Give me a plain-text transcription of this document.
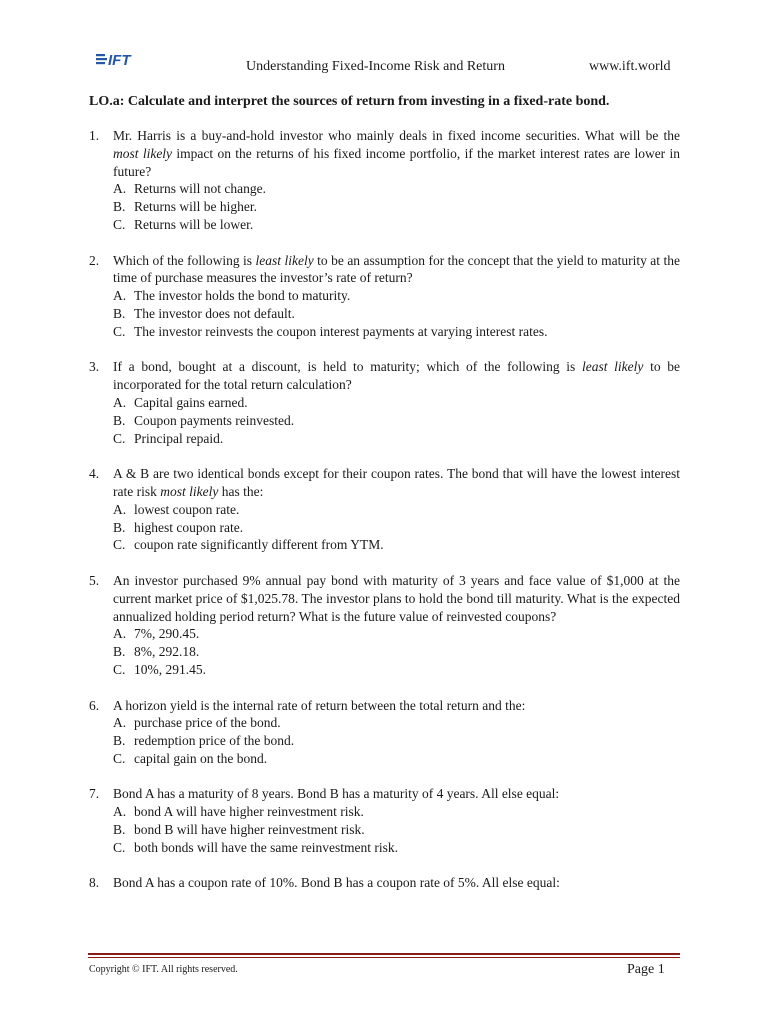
IFT	Understanding Fixed-Income Risk and Return	www.ift.world
LO.a: Calculate and interpret the sources of return from investing in a fixed-rate bond.
1. Mr. Harris is a buy-and-hold investor who mainly deals in fixed income securities. What will be the most likely impact on the returns of his fixed income portfolio, if the market interest rates are lower in future?
A. Returns will not change.
B. Returns will be higher.
C. Returns will be lower.
2. Which of the following is least likely to be an assumption for the concept that the yield to maturity at the time of purchase measures the investor’s rate of return?
A. The investor holds the bond to maturity.
B. The investor does not default.
C. The investor reinvests the coupon interest payments at varying interest rates.
3. If a bond, bought at a discount, is held to maturity; which of the following is least likely to be incorporated for the total return calculation?
A. Capital gains earned.
B. Coupon payments reinvested.
C. Principal repaid.
4. A & B are two identical bonds except for their coupon rates. The bond that will have the lowest interest rate risk most likely has the:
A. lowest coupon rate.
B. highest coupon rate.
C. coupon rate significantly different from YTM.
5. An investor purchased 9% annual pay bond with maturity of 3 years and face value of $1,000 at the current market price of $1,025.78. The investor plans to hold the bond till maturity. What is the expected annualized holding period return? What is the future value of reinvested coupons?
A. 7%, 290.45.
B. 8%, 292.18.
C. 10%, 291.45.
6. A horizon yield is the internal rate of return between the total return and the:
A. purchase price of the bond.
B. redemption price of the bond.
C. capital gain on the bond.
7. Bond A has a maturity of 8 years. Bond B has a maturity of 4 years. All else equal:
A. bond A will have higher reinvestment risk.
B. bond B will have higher reinvestment risk.
C. both bonds will have the same reinvestment risk.
8. Bond A has a coupon rate of 10%. Bond B has a coupon rate of 5%. All else equal:
Copyright © IFT. All rights reserved.	Page 1
